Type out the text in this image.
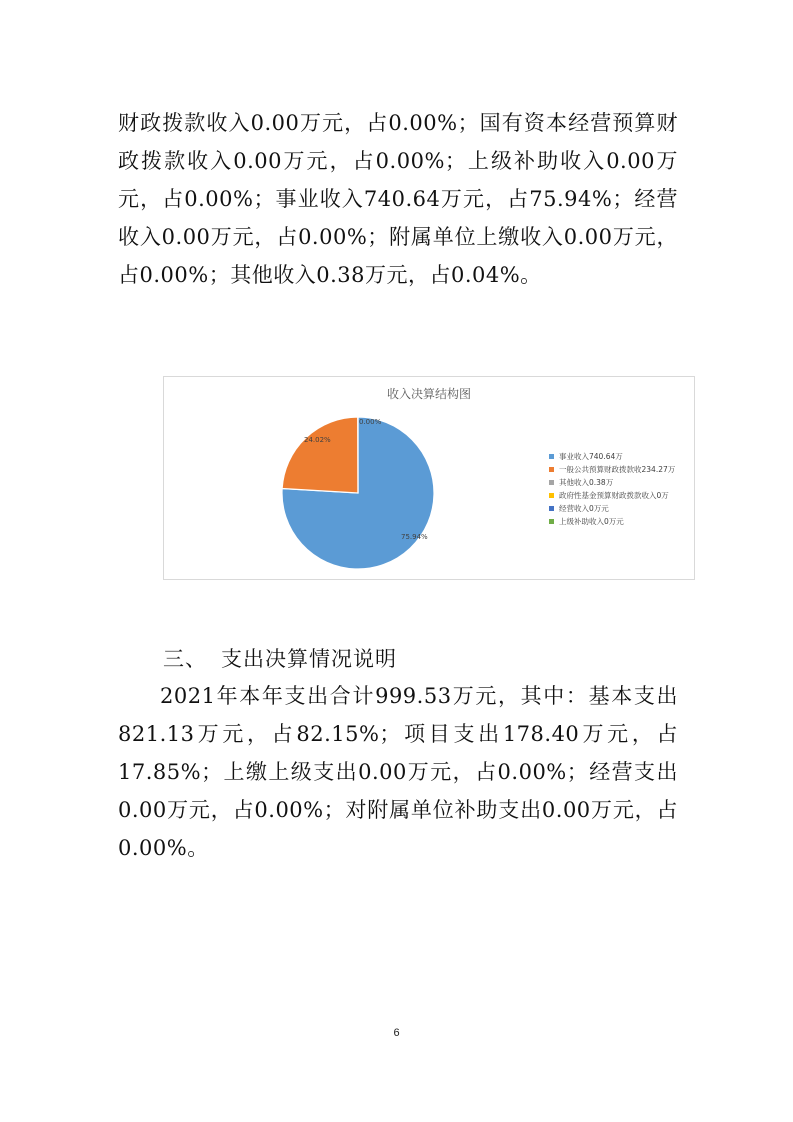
财政拨款收入0.00万元，占0.00%；国有资本经营预算财政拨款收入0.00万元，占0.00%；上级补助收入0.00万元，占0.00%；事业收入740.64万元，占75.94%；经营收入0.00万元，占0.00%；附属单位上缴收入0.00万元，占0.00%；其他收入0.38万元，占0.04%。
收入决算结构图
75.94%
24.02%
0.00%
事业收入740.64万
一般公共预算财政拨款收234.27万
其他收入0.38万
政府性基金预算财政拨款收入0万
经营收入0万元
上级补助收入0万元
三、 支出决算情况说明
2021年本年支出合计999.53万元，其中：基本支出821.13万元，占82.15%；项目支出178.40万元，占17.85%；上缴上级支出0.00万元，占0.00%；经营支出0.00万元，占0.00%；对附属单位补助支出0.00万元，占0.00%。
6
